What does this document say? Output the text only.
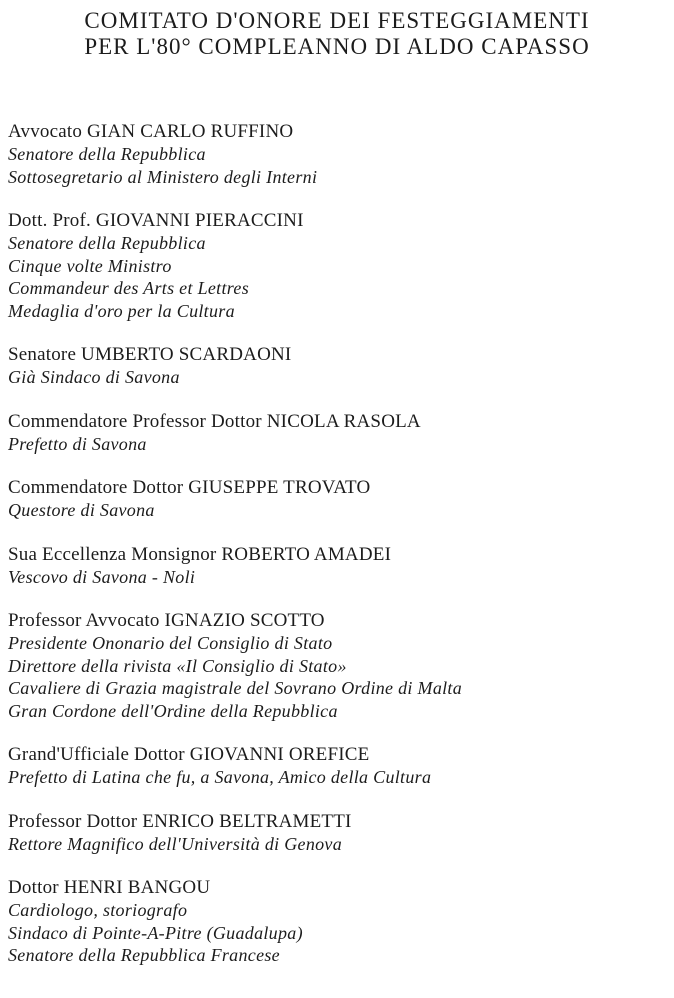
COMITATO D'ONORE DEI FESTEGGIAMENTI
PER L'80° COMPLEANNO DI ALDO CAPASSO
Avvocato GIAN CARLO RUFFINO
Senatore della Repubblica
Sottosegretario al Ministero degli Interni
Dott. Prof. GIOVANNI PIERACCINI
Senatore della Repubblica
Cinque volte Ministro
Commandeur des Arts et Lettres
Medaglia d'oro per la Cultura
Senatore UMBERTO SCARDAONI
Già Sindaco di Savona
Commendatore Professor Dottor NICOLA RASOLA
Prefetto di Savona
Commendatore Dottor GIUSEPPE TROVATO
Questore di Savona
Sua Eccellenza Monsignor ROBERTO AMADEI
Vescovo di Savona - Noli
Professor Avvocato IGNAZIO SCOTTO
Presidente Ononario del Consiglio di Stato
Direttore della rivista «Il Consiglio di Stato»
Cavaliere di Grazia magistrale del Sovrano Ordine di Malta
Gran Cordone dell'Ordine della Repubblica
Grand'Ufficiale Dottor GIOVANNI OREFICE
Prefetto di Latina che fu, a Savona, Amico della Cultura
Professor Dottor ENRICO BELTRAMETTI
Rettore Magnifico dell'Università di Genova
Dottor HENRI BANGOU
Cardiologo, storiografo
Sindaco di Pointe-A-Pitre (Guadalupa)
Senatore della Repubblica Francese
